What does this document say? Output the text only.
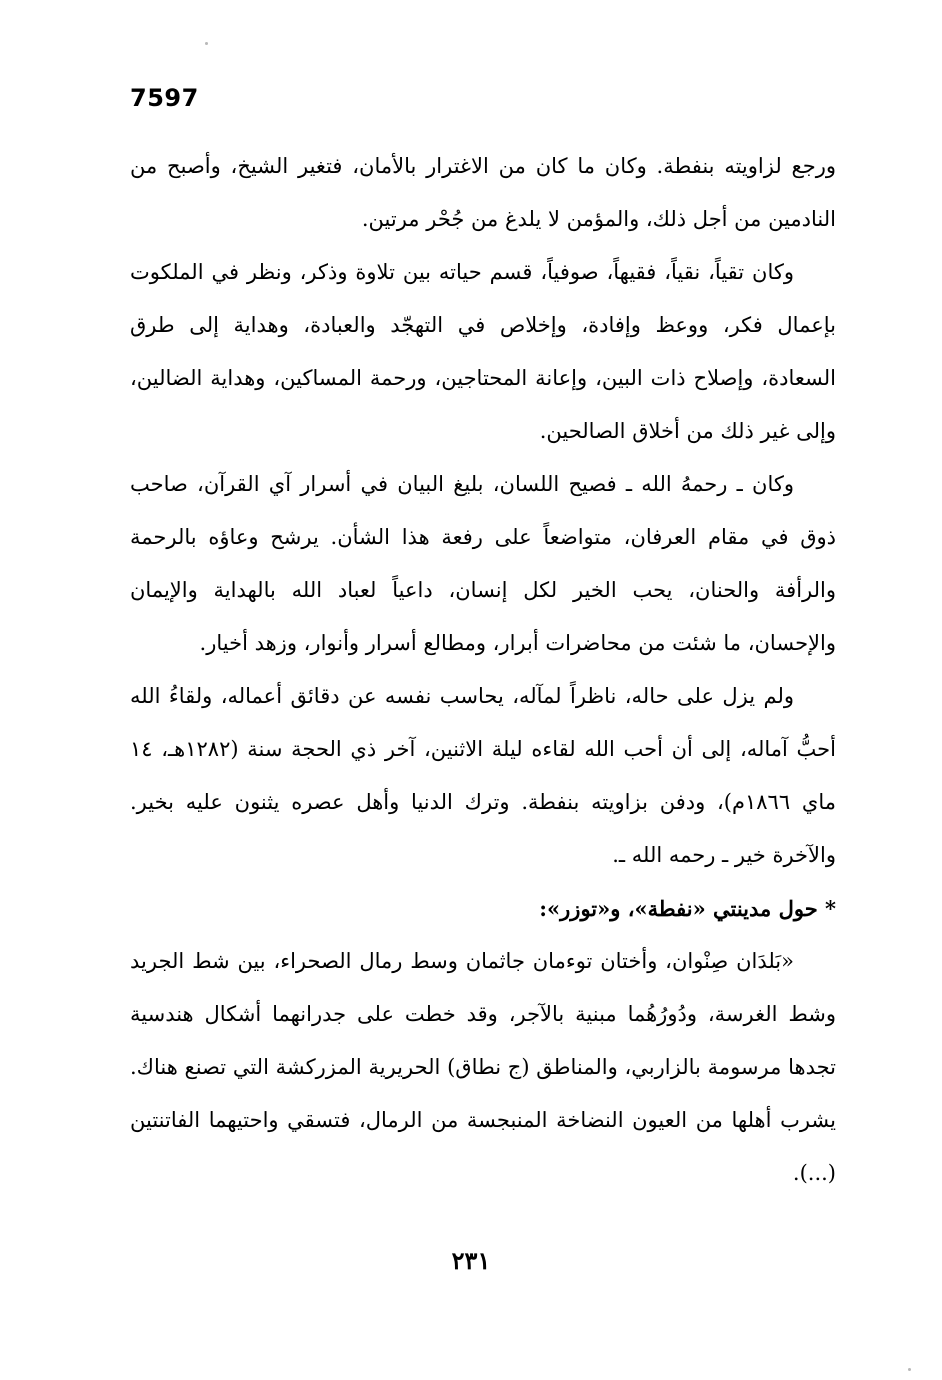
7597

ورجع لزاويته بنفطة. وكان ما كان من الاغترار بالأمان، فتغير الشيخ، وأصبح من النادمين من أجل ذلك، والمؤمن لا يلدغ من جُحْر مرتين.

وكان تقياً، نقياً، فقيهاً، صوفياً، قسم حياته بين تلاوة وذكر، ونظر في الملكوت بإعمال فكر، ووعظ وإفادة، وإخلاص في التهجّد والعبادة، وهداية إلى طرق السعادة، وإصلاح ذات البين، وإعانة المحتاجين، ورحمة المساكين، وهداية الضالين، وإلى غير ذلك من أخلاق الصالحين.

وكان ـ رحمهُ الله ـ فصيح اللسان، بليغ البيان في أسرار آي القرآن، صاحب ذوق في مقام العرفان، متواضعاً على رفعة هذا الشأن. يرشح وعاؤه بالرحمة والرأفة والحنان، يحب الخير لكل إنسان، داعياً لعباد الله بالهداية والإيمان والإحسان، ما شئت من محاضرات أبرار، ومطالع أسرار وأنوار، وزهد أخيار.

ولم يزل على حاله، ناظراً لمآله، يحاسب نفسه عن دقائق أعماله، ولقاءُ الله أحبُّ آماله، إلى أن أحب الله لقاءه ليلة الاثنين، آخر ذي الحجة سنة (١٢٨٢هـ، ١٤ ماي ١٨٦٦م)، ودفن بزاويته بنفطة. وترك الدنيا وأهل عصره يثنون عليه بخير. والآخرة خير ـ رحمه الله ـ.

* حول مدينتي «نفطة»، و«توزر»:

«بَلدَان صِنْوان، وأختان توءمان جاثمان وسط رمال الصحراء، بين شط الجريد وشط الغرسة، ودُورُهُما مبنية بالآجر، وقد خطت على جدرانهما أشكال هندسية تجدها مرسومة بالزاربي، والمناطق (ج نطاق) الحريرية المزركشة التي تصنع هناك. يشرب أهلها من العيون النضاخة المنبجسة من الرمال، فتسقي واحتيهما الفاتنتين (...).

٢٣١
